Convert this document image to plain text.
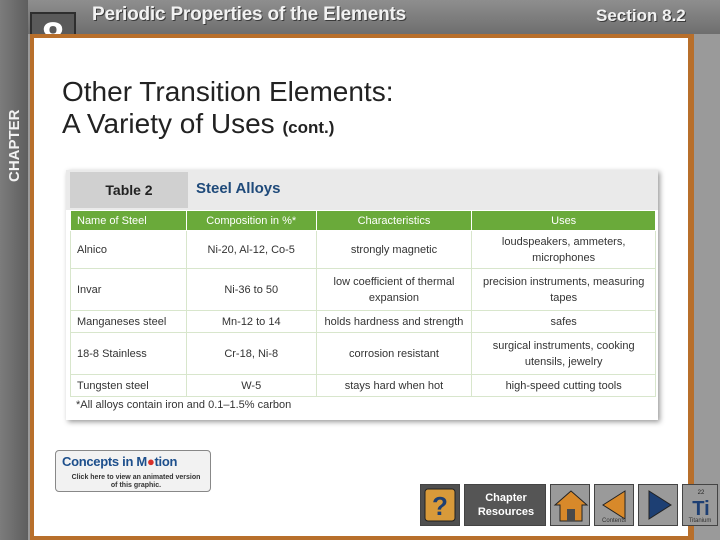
Periodic Properties of the Elements	Section 8.2
CHAPTER
Other Transition Elements:
A Variety of Uses (cont.)
Table 2	Steel Alloys
Name of Steel	Composition in %*	Characteristics	Uses
Alnico	Ni-20, Al-12, Co-5	strongly magnetic	loudspeakers, ammeters, microphones
Invar	Ni-36 to 50	low coefficient of thermal expansion	precision instruments, measuring tapes
Manganeses steel	Mn-12 to 14	holds hardness and strength	safes
18-8 Stainless	Cr-18, Ni-8	corrosion resistant	surgical instruments, cooking utensils, jewelry
Tungsten steel	W-5	stays hard when hot	high-speed cutting tools
*All alloys contain iron and 0.1–1.5% carbon
Concepts in M●tion
Click here to view an animated version of this graphic.
?	Chapter Resources
Contents
22
Ti
Titanium
